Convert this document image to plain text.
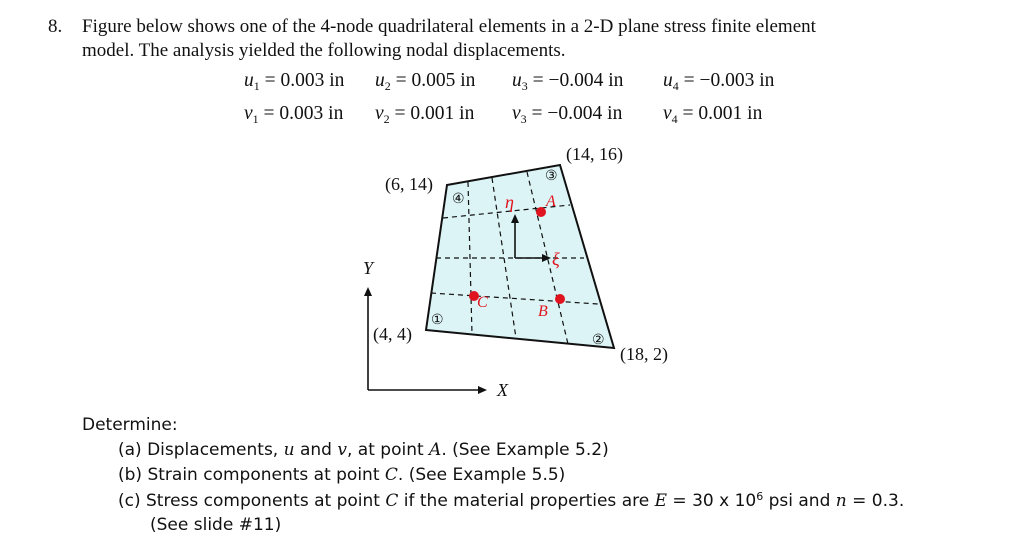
8. Figure below shows one of the 4-node quadrilateral elements in a 2-D plane stress finite element
model. The analysis yielded the following nodal displacements.
$u_1 = 0.003$ in $u_2 = 0.005$ in $u_3 = -0.004$ in $u_4 = -0.003$ in
$v_1 = 0.003$ in $v_2 = 0.001$ in $v_3 = -0.004$ in $v_4 = 0.001$ in
η
ξ
A
B
C
①
②
③
④
(4, 4)
(18, 2)
(14, 16)
(6, 14)
Y
X
Determine:
(a) Displacements, u and v, at point A. (See Example 5.2)
(b) Strain components at point C. (See Example 5.5)
(c) Stress components at point C if the material properties are E = 30 x $10^6$ psi and n = 0.3.
(See slide #11)
